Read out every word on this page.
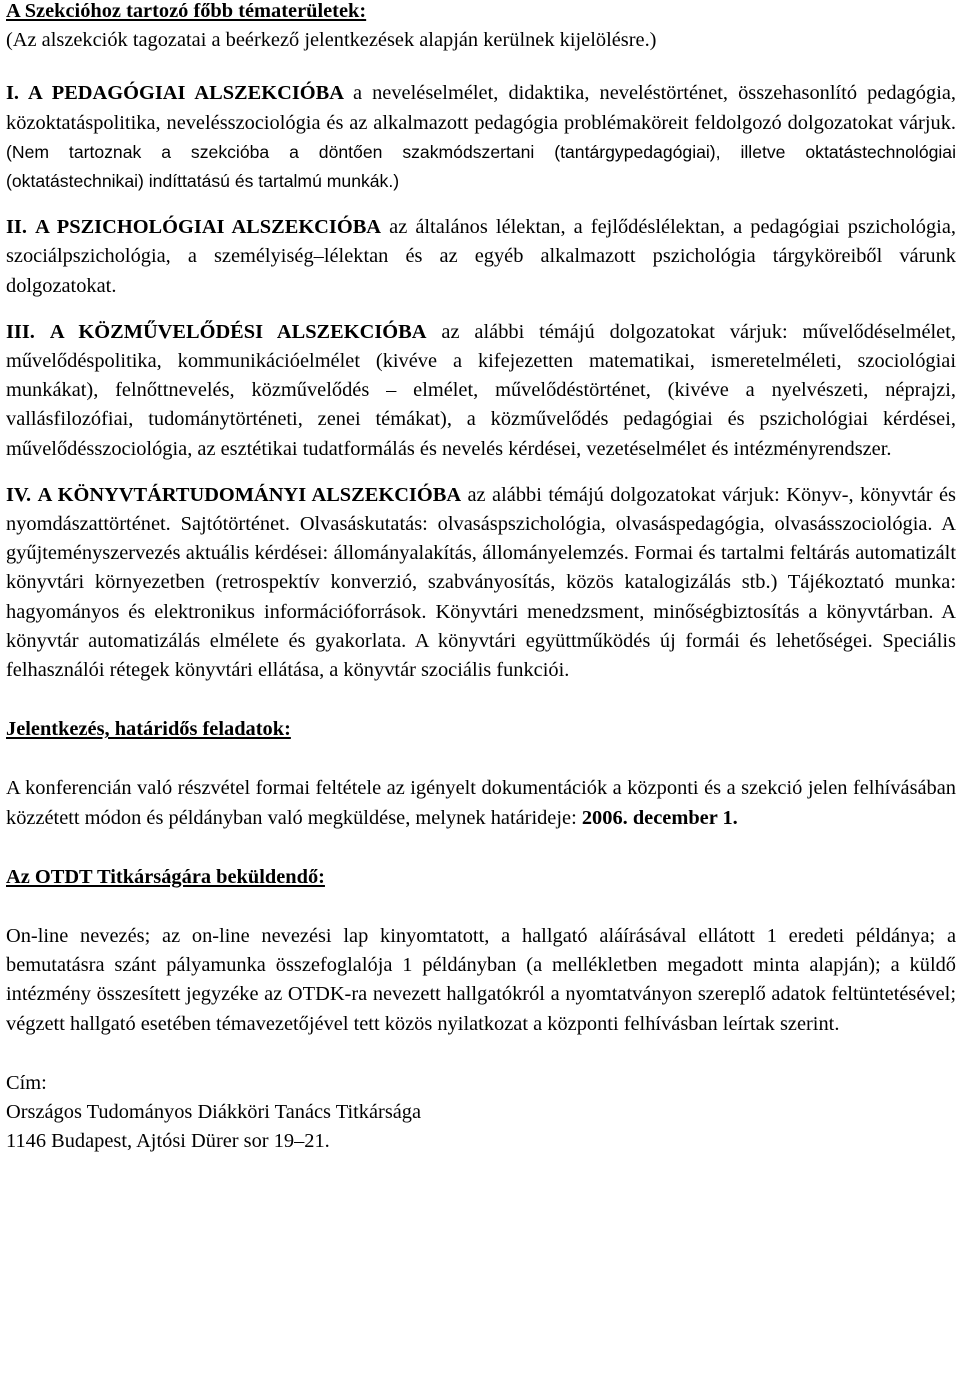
A Szekcióhoz tartozó főbb tématerületek:
(Az alszekciók tagozatai a beérkező jelentkezések alapján kerülnek kijelölésre.)

I. A PEDAGÓGIAI ALSZEKCIÓBA a neveléselmélet, didaktika, neveléstörténet, összehasonlító pedagógia, közoktatáspolitika, nevelésszociológia és az alkalmazott pedagógia problémaköreit feldolgozó dolgozatokat várjuk. (Nem tartoznak a szekcióba a döntően szakmódszertani (tantárgypedagógiai), illetve oktatástechnológiai (oktatástechnikai) indíttatású és tartalmú munkák.)

II. A PSZICHOLÓGIAI ALSZEKCIÓBA az általános lélektan, a fejlődéslélektan, a pedagógiai pszichológia, szociálpszichológia, a személyiség–lélektan és az egyéb alkalmazott pszichológia tárgyköreiből várunk dolgozatokat.

III. A KÖZMŰVELŐDÉSI ALSZEKCIÓBA az alábbi témájú dolgozatokat várjuk: művelődéselmélet, művelődéspolitika, kommunikációelmélet (kivéve a kifejezetten matematikai, ismeretelméleti, szociológiai munkákat), felnőttnevelés, közművelődés – elmélet, művelődéstörténet, (kivéve a nyelvészeti, néprajzi, vallásfilozófiai, tudománytörténeti, zenei témákat), a közművelődés pedagógiai és pszichológiai kérdései, művelődésszociológia, az esztétikai tudatformálás és nevelés kérdései, vezetéselmélet és intézményrendszer.

IV. A KÖNYVTÁRTUDOMÁNYI ALSZEKCIÓBA az alábbi témájú dolgozatokat várjuk: Könyv-, könyvtár és nyomdászattörténet. Sajtótörténet. Olvasáskutatás: olvasáspszichológia, olvasáspedagógia, olvasásszociológia. A gyűjteményszervezés aktuális kérdései: állományalakítás, állományelemzés. Formai és tartalmi feltárás automatizált könyvtári környezetben (retrospektív konverzió, szabványosítás, közös katalogizálás stb.) Tájékoztató munka: hagyományos és elektronikus információforrások. Könyvtári menedzsment, minőségbiztosítás a könyvtárban. A könyvtár automatizálás elmélete és gyakorlata. A könyvtári együttműködés új formái és lehetőségei. Speciális felhasználói rétegek könyvtári ellátása, a könyvtár szociális funkciói.

Jelentkezés, határidős feladatok:

A konferencián való részvétel formai feltétele az igényelt dokumentációk a központi és a szekció jelen felhívásában közzétett módon és példányban való megküldése, melynek határideje: 2006. december 1.

Az OTDT Titkárságára beküldendő:

On-line nevezés; az on-line nevezési lap kinyomtatott, a hallgató aláírásával ellátott 1 eredeti példánya; a bemutatásra szánt pályamunka összefoglalója 1 példányban (a mellékletben megadott minta alapján); a küldő intézmény összesített jegyzéke az OTDK-ra nevezett hallgatókról a nyomtatványon szereplő adatok feltüntetésével; végzett hallgató esetében témavezetőjével tett közös nyilatkozat a központi felhívásban leírtak szerint.

Cím:
Országos Tudományos Diákköri Tanács Titkársága
1146 Budapest, Ajtósi Dürer sor 19–21.
